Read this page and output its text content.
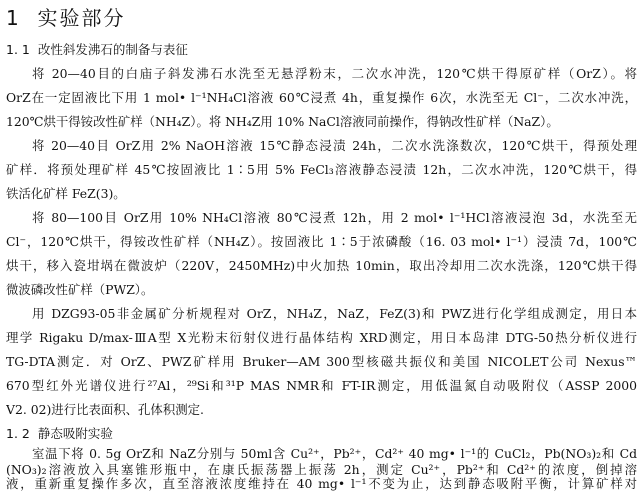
1 实验部分
1. 1 改性斜发沸石的制备与表征

将 20—40目的白庙子斜发沸石水洗至无悬浮粉末，二次水冲洗，120℃烘干得原矿样（OrZ）。将

OrZ在一定固液比下用 1 mol• l⁻¹NH₄Cl溶液 60℃浸煮 4h，重复操作 6次，水洗至无 Cl⁻，二次水冲洗，

120℃烘干得铵改性矿样（NH₄Z）。将 NH₄Z用 10% NaCl溶液同前操作，得钠改性矿样（NaZ）。

将 20—40目 OrZ用 2% NaOH溶液 15℃静态浸渍 24h，二次水洗涤数次，120℃烘干，得预处理

矿样．将预处理矿样 45℃按固液比 1∶5用 5% FeCl₃溶液静态浸渍 12h，二次水冲洗，120℃烘干，得

铁活化矿样 FeZ(3)。

将 80—100目 OrZ用 10% NH₄Cl溶液 80℃浸煮 12h，用 2 mol• l⁻¹HCl溶液浸泡 3d，水洗至无

Cl⁻，120℃烘干，得铵改性矿样（NH₄Z）。按固液比 1∶5于浓磷酸（16. 03 mol• l⁻¹）浸渍 7d，100℃

烘干，移入瓷坩埚在微波炉（220V，2450MHz)中火加热 10min，取出冷却用二次水洗涤，120℃烘干得

微波磷改性矿样（PWZ）。

用 DZG93-05非金属矿分析规程对 OrZ，NH₄Z，NaZ，FeZ(3)和 PWZ进行化学组成测定，用日本

理学 Rigaku D/max-ⅢA型 X光粉末衍射仪进行晶体结构 XRD测定，用日本岛津 DTG-50热分析仪进行

TG-DTA测定．对 OrZ、PWZ矿样用 Bruker—AM 300型核磁共振仪和美国 NICOLET公司 Nexus™

670型红外光谱仪进行²⁷Al，²⁹Si和³¹P MAS NMR和 FT-IR测定，用低温氮自动吸附仪（ASSP 2000

V2. 02)进行比表面积、孔体积测定.

1. 2 静态吸附实验

室温下将 0. 5g OrZ和 NaZ分别与 50ml含 Cu²⁺，Pb²⁺，Cd²⁺ 40 mg• l⁻¹的 CuCl₂，Pb(NO₃)₂和 Cd

(NO₃)₂溶液放入具塞锥形瓶中，在康氏振荡器上振荡 2h，测定 Cu²⁺，Pb²⁺和 Cd²⁺的浓度，倒掉溶

液，重新重复操作多次，直至溶液浓度维持在 40 mg• l⁻¹不变为止，达到静态吸附平衡，计算矿样对
